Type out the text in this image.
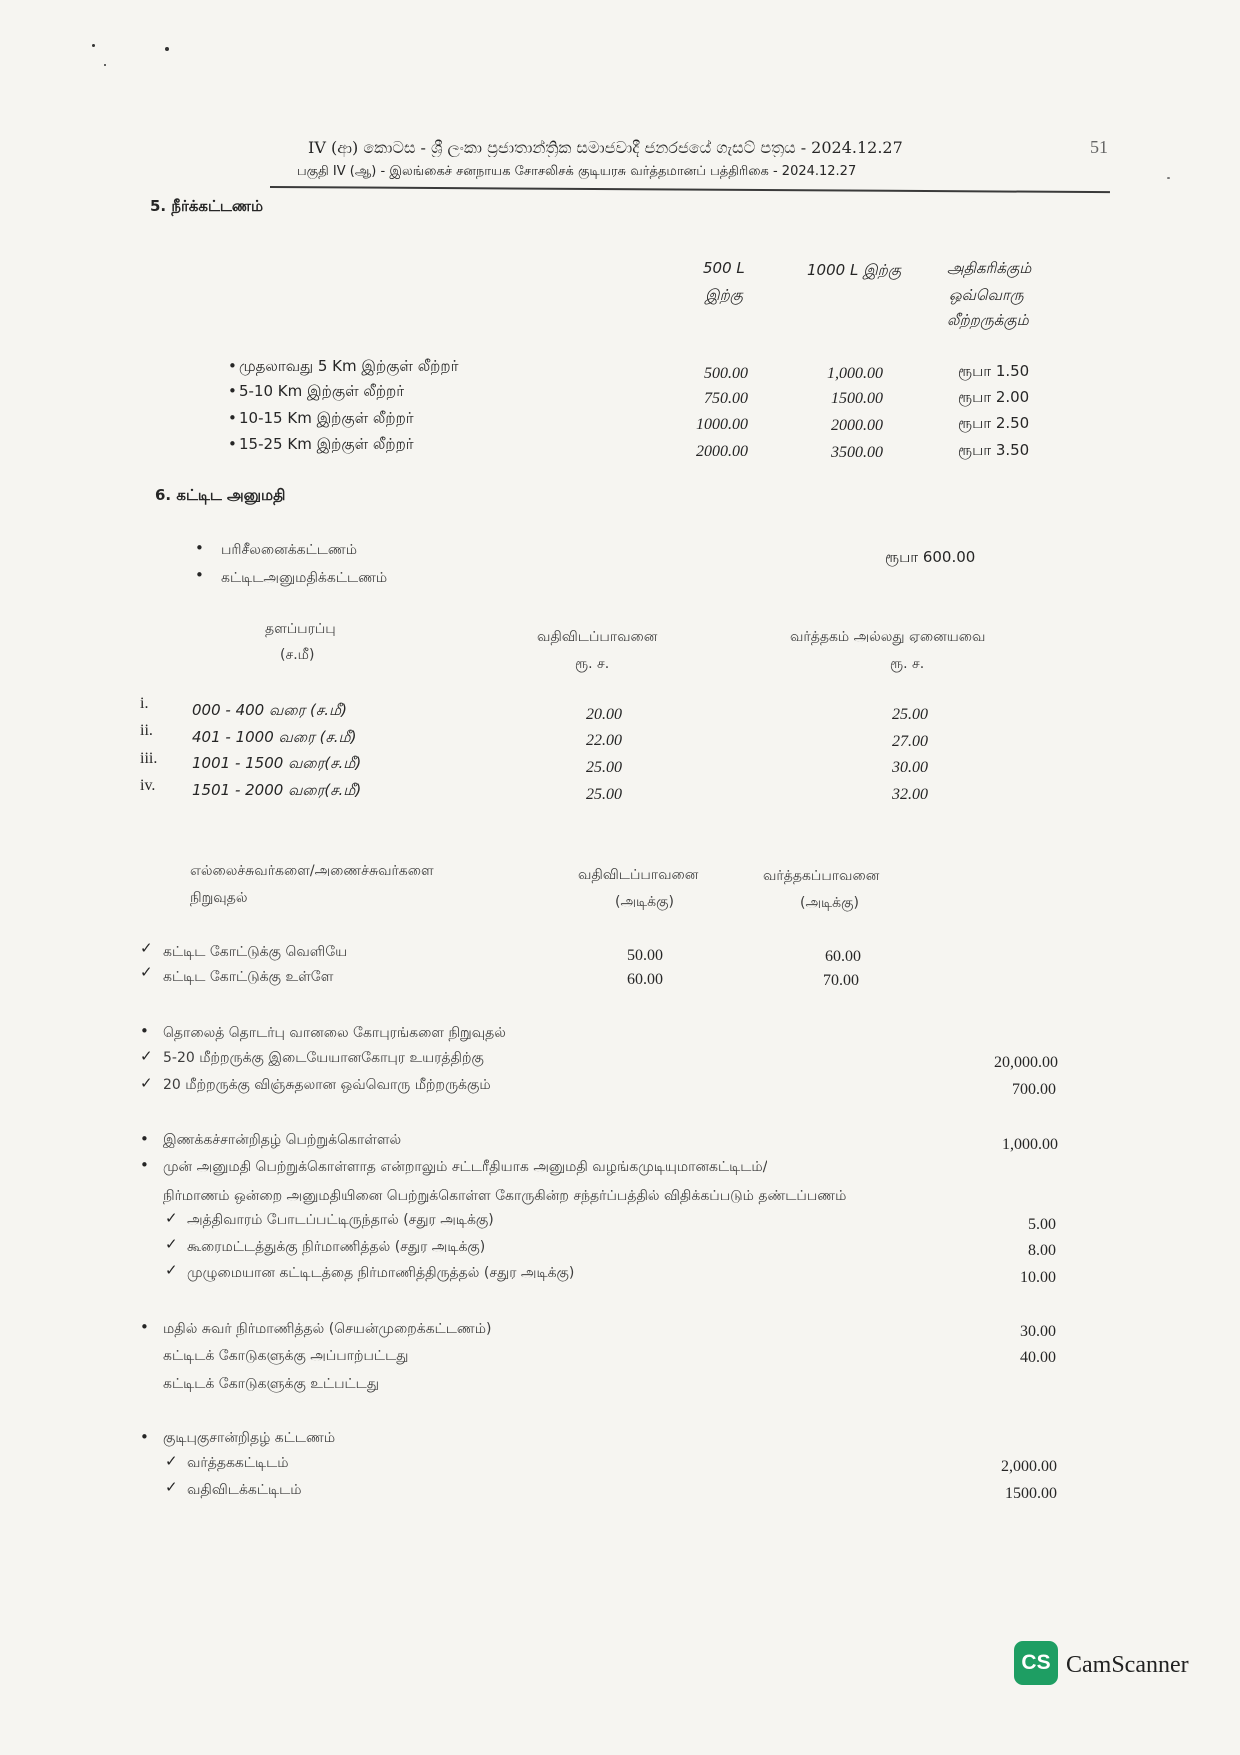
IV (ආ) කොටස - ශ්‍රී ලංකා ප්‍රජාතාන්ත්‍රික සමාජවාදී ජනරජයේ ගැසට් පත්‍රය - 2024.12.27	51
பகுதி IV (ஆ) - இலங்கைச் சனநாயக சோசலிசக் குடியரசு வர்த்தமானப் பத்திரிகை - 2024.12.27
5. நீர்க்கட்டணம்
500 L
இற்கு
1000 L இற்கு	அதிகரிக்கும்
ஒவ்வொரு
லீற்றருக்கும்
•
முதலாவது 5 Km இற்குள் லீற்றர்	500.00	1,000.00	ரூபா 1.50
•
5-10 Km இற்குள் லீற்றர்	750.00	1500.00	ரூபா 2.00
•
10-15 Km இற்குள் லீற்றர்	1000.00	2000.00	ரூபா 2.50
•
15-25 Km இற்குள் லீற்றர்	2000.00	3500.00	ரூபா 3.50
6. கட்டிட அனுமதி
•
பரிசீலனைக்கட்டணம்	ரூபா 600.00
•
கட்டிடஅனுமதிக்கட்டணம்
தளப்பரப்பு
(ச.மீ)
வதிவிடப்பாவனை
ரூ. ச.
வர்த்தகம் அல்லது ஏனையவை
ரூ. ச.
i.	000 - 400 வரை (ச.மீ)	20.00	25.00
ii.	401 - 1000 வரை (ச.மீ)	22.00	27.00
iii. 1001 - 1500 வரை(ச.மீ)	25.00	30.00
iv. 1501 - 2000 வரை(ச.மீ)	25.00	32.00
எல்லைச்சுவர்களை/அணைச்சுவர்களை
நிறுவுதல்
வதிவிடப்பாவனை
(அடிக்கு)
வர்த்தகப்பாவனை
(அடிக்கு)
✓
கட்டிட கோட்டுக்கு வெளியே	50.00	60.00
✓
கட்டிட கோட்டுக்கு உள்ளே	60.00	70.00
•
தொலைத் தொடர்பு வானலை கோபுரங்களை நிறுவுதல்
✓
5-20 மீற்றருக்கு இடையேயானகோபுர உயரத்திற்கு	20,000.00
✓
20 மீற்றருக்கு விஞ்சுதலான ஒவ்வொரு மீற்றருக்கும்	700.00
•
இணக்கச்சான்றிதழ் பெற்றுக்கொள்ளல்	1,000.00
•
முன் அனுமதி பெற்றுக்கொள்ளாத என்றாலும் சட்டரீதியாக அனுமதி வழங்கமுடியுமானகட்டிடம்/
நிர்மாணம் ஒன்றை அனுமதியினை பெற்றுக்கொள்ள கோருகின்ற சந்தர்ப்பத்தில் விதிக்கப்படும் தண்டப்பணம்
✓
அத்திவாரம் போடப்பட்டிருந்தால் (சதுர அடிக்கு)	5.00
✓
கூரைமட்டத்துக்கு நிர்மாணித்தல் (சதுர அடிக்கு)	8.00
✓
முழுமையான கட்டிடத்தை நிர்மாணித்திருத்தல் (சதுர அடிக்கு)	10.00
•
மதில் சுவர் நிர்மாணித்தல் (செயன்முறைக்கட்டணம்)	30.00
கட்டிடக் கோடுகளுக்கு அப்பாற்பட்டது	40.00
கட்டிடக் கோடுகளுக்கு உட்பட்டது
•
குடிபுகுசான்றிதழ் கட்டணம்
✓
வர்த்தககட்டிடம்	2,000.00
✓
வதிவிடக்கட்டிடம்	1500.00
CS CamScanner
